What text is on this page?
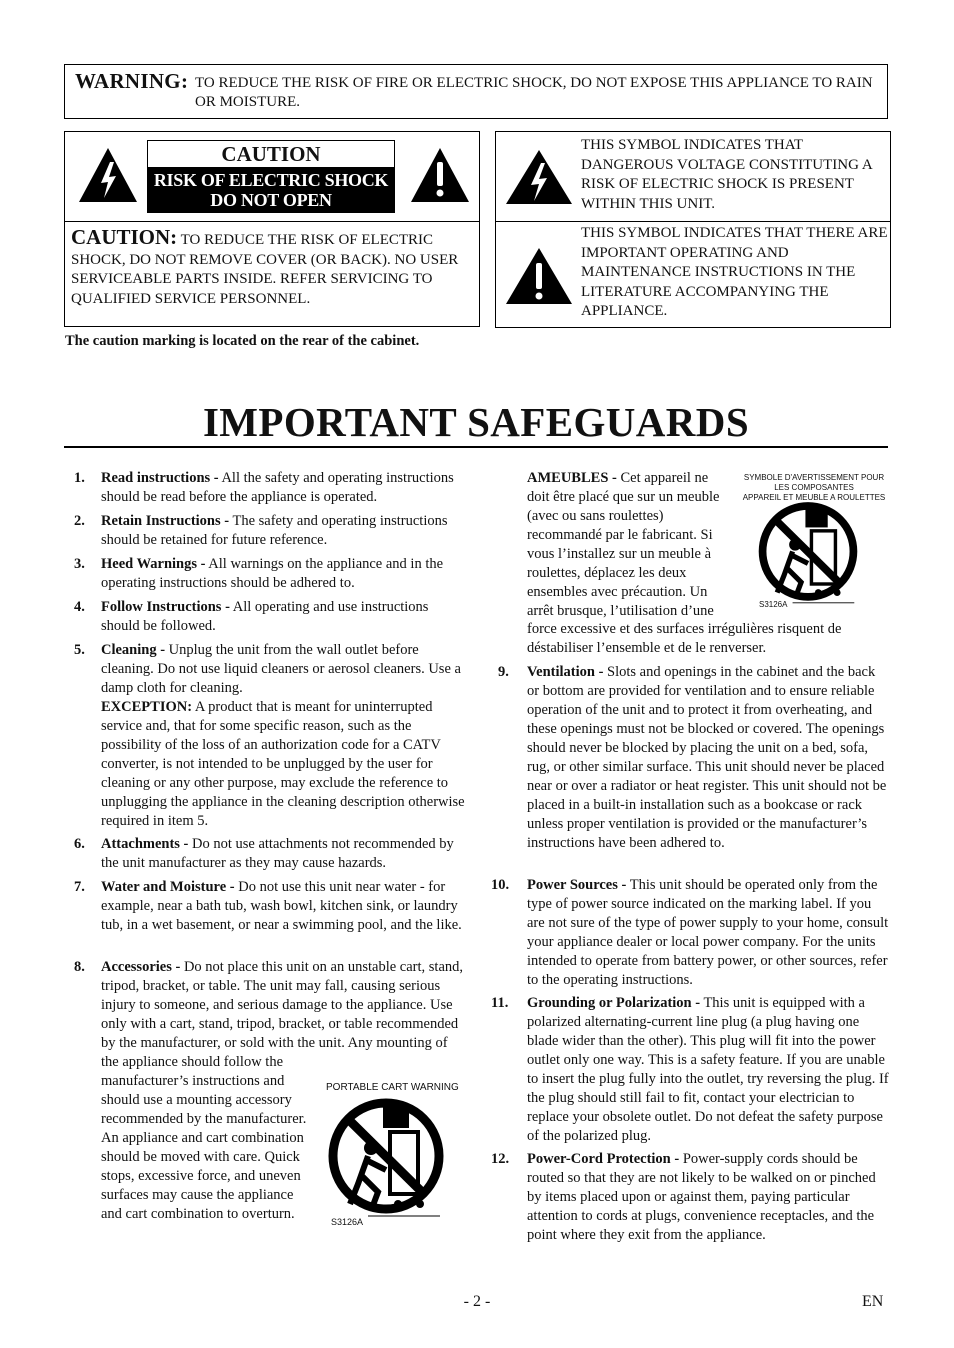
WARNING: TO REDUCE THE RISK OF FIRE OR ELECTRIC SHOCK, DO NOT EXPOSE THIS APPLIANCE TO RAIN OR MOISTURE.
CAUTION
RISK OF ELECTRIC SHOCK
DO NOT OPEN
CAUTION: TO REDUCE THE RISK OF ELECTRIC SHOCK, DO NOT REMOVE COVER (OR BACK). NO USER SERVICEABLE PARTS INSIDE. REFER SERVICING TO QUALIFIED SERVICE PERSONNEL.
THIS SYMBOL INDICATES THAT DANGEROUS VOLTAGE CONSTITUTING A RISK OF ELECTRIC SHOCK IS PRESENT WITHIN THIS UNIT.
THIS SYMBOL INDICATES THAT THERE ARE IMPORTANT OPERATING AND MAINTENANCE INSTRUCTIONS IN THE LITERATURE ACCOMPANYING THE APPLIANCE.
The caution marking is located on the rear of the cabinet.
IMPORTANT SAFEGUARDS
1. Read instructions - All the safety and operating instructions should be read before the appliance is operated.
2. Retain Instructions - The safety and operating instructions should be retained for future reference.
3. Heed Warnings - All warnings on the appliance and in the operating instructions should be adhered to.
4. Follow Instructions - All operating and use instructions should be followed.
5. Cleaning - Unplug the unit from the wall outlet before cleaning. Do not use liquid cleaners or aerosol cleaners. Use a damp cloth for cleaning.
EXCEPTION: A product that is meant for uninterrupted service and, that for some specific reason, such as the possibility of the loss of an authorization code for a CATV converter, is not intended to be unplugged by the user for cleaning or any other purpose, may exclude the reference to unplugging the appliance in the cleaning description otherwise required in item 5.
6. Attachments - Do not use attachments not recommended by the unit manufacturer as they may cause hazards.
7. Water and Moisture - Do not use this unit near water - for example, near a bath tub, wash bowl, kitchen sink, or laundry tub, in a wet basement, or near a swimming pool, and the like.
8. Accessories - Do not place this unit on an unstable cart, stand, tripod, bracket, or table. The unit may fall, causing serious injury to someone, and serious damage to the appliance. Use only with a cart, stand, tripod, bracket, or table recommended by the manufacturer, or sold with the unit. Any mounting of the appliance should follow the
manufacturer’s instructions and should use a mounting accessory recommended by the manufacturer. An appliance and cart combination should be moved with care. Quick stops, excessive force, and uneven surfaces may cause the appliance and cart combination to overturn.
PORTABLE CART WARNING
S3126A
AMEUBLES - Cet appareil ne doit être placé que sur un meuble (avec ou sans roulettes) recommandé par le fabricant. Si vous l’installez sur un meuble à roulettes, déplacez les deux ensembles avec précaution. Un arrêt brusque, l’utilisation d’une
force excessive et des surfaces irrégulières risquent de déstabiliser l’ensemble et de le renverser.
SYMBOLE D'AVERTISSEMENT POUR
LES COMPOSANTES
APPAREIL ET MEUBLE A ROULETTES
S3126A
9. Ventilation - Slots and openings in the cabinet and the back or bottom are provided for ventilation and to ensure reliable operation of the unit and to protect it from overheating, and these openings must not be blocked or covered. The openings should never be blocked by placing the unit on a bed, sofa, rug, or other similar surface. This unit should never be placed near or over a radiator or heat register. This unit should not be placed in a built-in installation such as a bookcase or rack unless proper ventilation is provided or the manufacturer’s instructions have been adhered to.
10. Power Sources - This unit should be operated only from the type of power source indicated on the marking label. If you are not sure of the type of power supply to your home, consult your appliance dealer or local power company. For the units intended to operate from battery power, or other sources, refer to the operating instructions.
11. Grounding or Polarization - This unit is equipped with a polarized alternating-current line plug (a plug having one blade wider than the other). This plug will fit into the power outlet only one way. This is a safety feature. If you are unable to insert the plug fully into the outlet, try reversing the plug. If the plug should still fail to fit, contact your electrician to replace your obsolete outlet. Do not defeat the safety purpose of the polarized plug.
12. Power-Cord Protection - Power-supply cords should be routed so that they are not likely to be walked on or pinched by items placed upon or against them, paying particular attention to cords at plugs, convenience receptacles, and the point where they exit from the appliance.
- 2 -	EN
